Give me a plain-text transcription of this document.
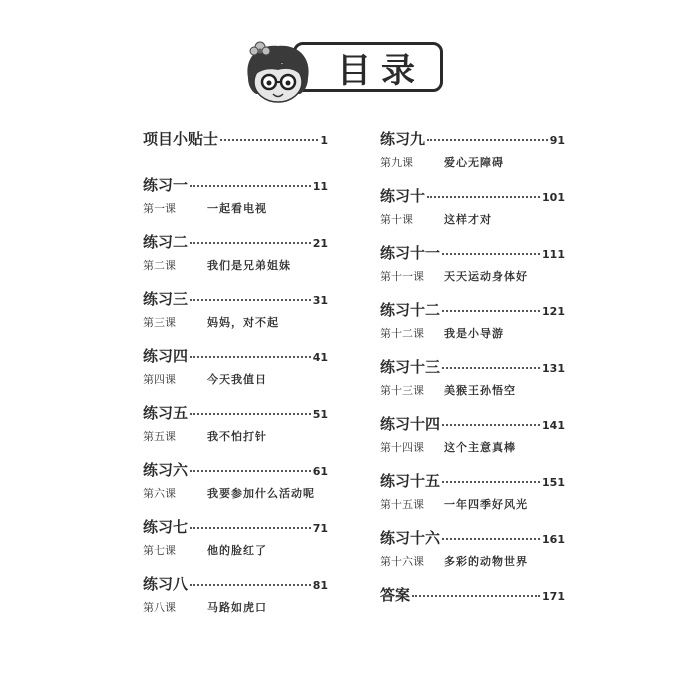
目录
项目小贴士	1
练习一	11
第一课	一起看电视
练习二	21
第二课	我们是兄弟姐妹
练习三	31
第三课	妈妈，对不起
练习四	41
第四课	今天我值日
练习五	51
第五课	我不怕打针
练习六	61
第六课	我要参加什么活动呢
练习七	71
第七课	他的脸红了
练习八	81
第八课	马路如虎口
练习九	91
第九课	爱心无障碍
练习十	101
第十课	这样才对
练习十一	111
第十一课	天天运动身体好
练习十二	121
第十二课	我是小导游
练习十三	131
第十三课	美猴王孙悟空
练习十四	141
第十四课	这个主意真棒
练习十五	151
第十五课	一年四季好风光
练习十六	161
第十六课	多彩的动物世界
答案	171
